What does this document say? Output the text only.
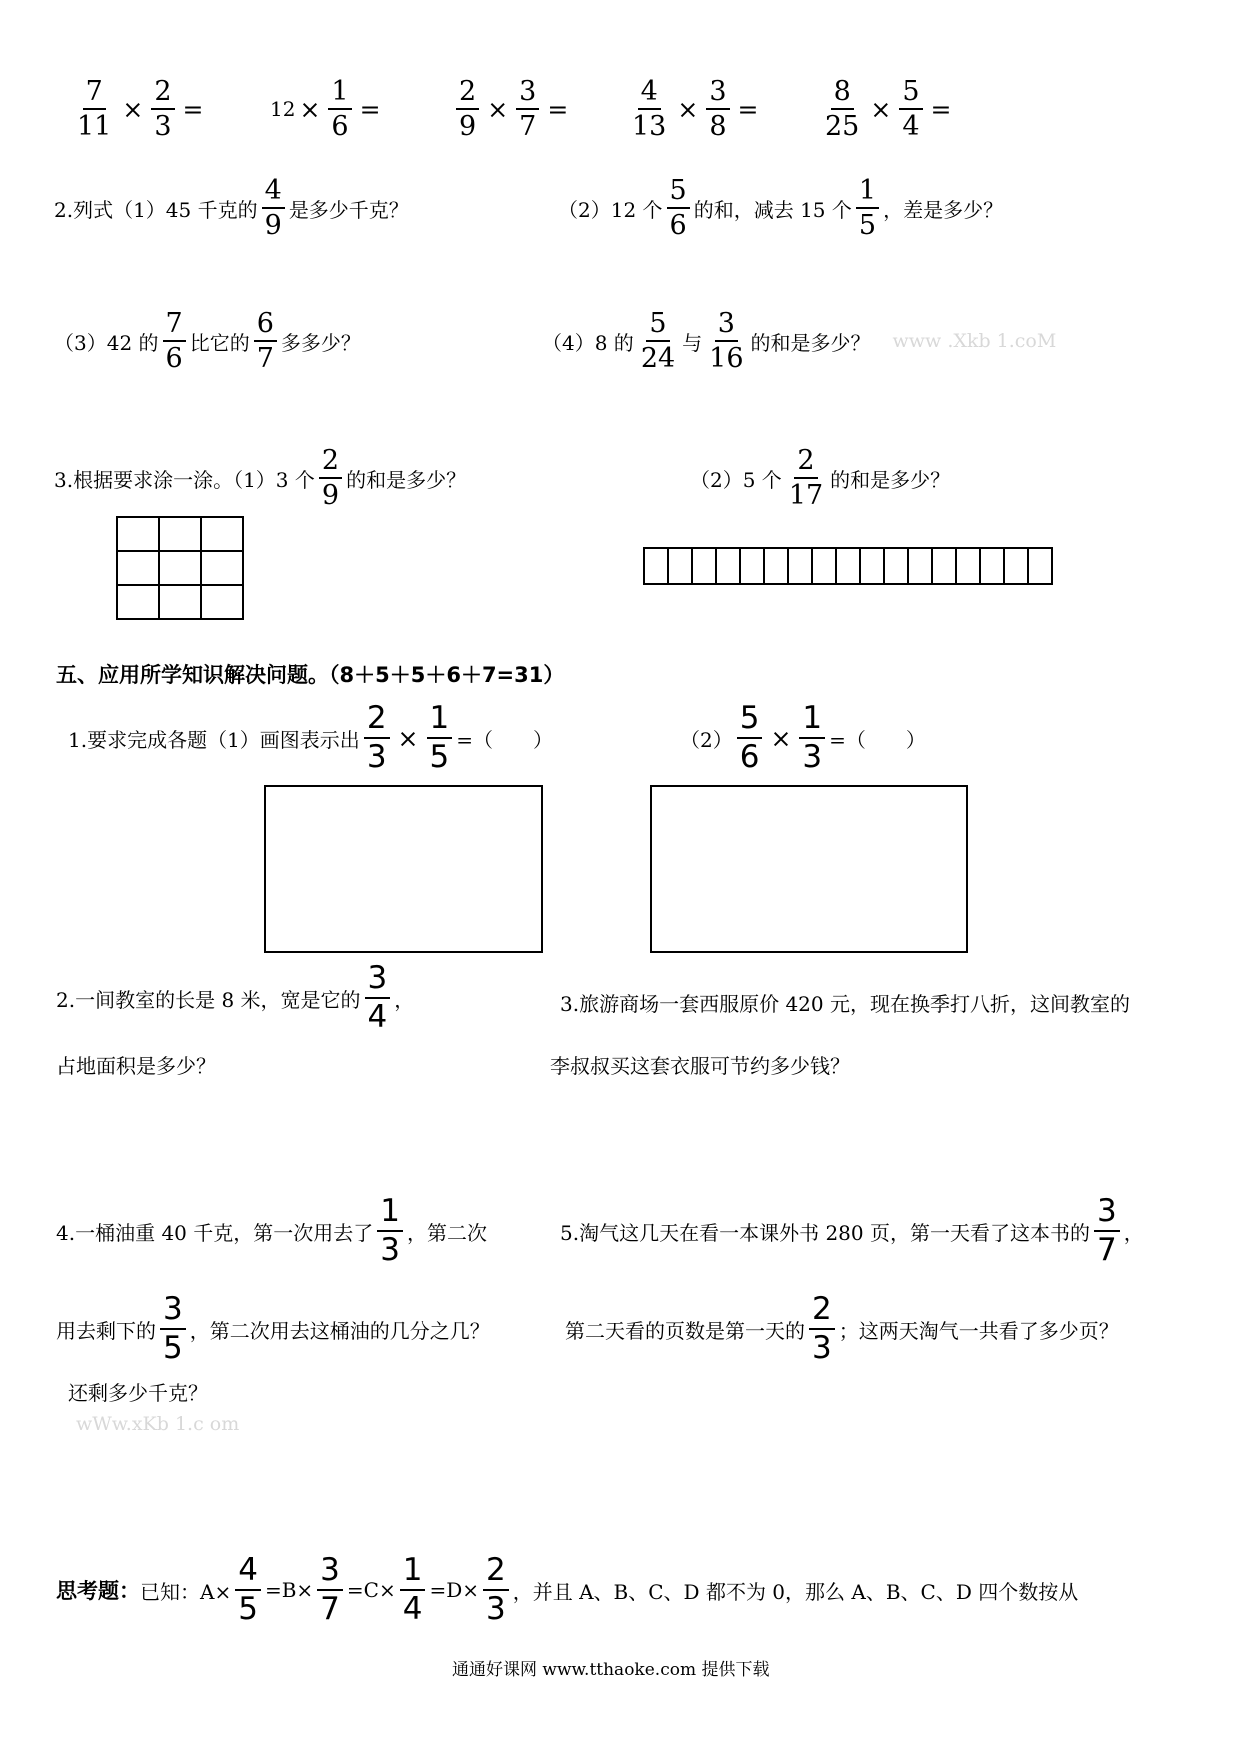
$\frac{7}{11} \times \frac{2}{3}$ =	$12 \times \frac{1}{6}$ =	$\frac{2}{9} \times \frac{3}{7} = \frac{4}{13} \times \frac{3}{8} = \frac{8}{25} \times \frac{5}{4}$ =
2.列式（1）45 千克的 $\frac{4}{9}$ 是多少千克？	（2）12 个 $\frac{5}{6}$ 的和，减去 15 个 $\frac{1}{5}$ ，差是多少？
（3）42 的 $\frac{7}{6}$ 比它的 $\frac{6}{7}$ 多多少？	（4）8 的 $\frac{5}{24}$ 与 $\frac{3}{16}$ 的和是多少？ www .Xkb 1.coM
3.根据要求涂一涂。（1）3 个 $\frac{2}{9}$ 的和是多少？	（2）5 个 $\frac{2}{17}$ 的和是多少？

五、应用所学知识解决问题。（8＋5＋5＋6＋7=31）
1.要求完成各题（1）画图表示出 $\frac{2}{3} \times \frac{1}{5}$ =（　　）	$(2) \frac{5}{6} \times \frac{1}{3}$ =（　　）
2.一间教室的长是 8 米，宽是它的 $\frac{3}{4}$ ，
占地面积是多少？
3.旅游商场一套西服原价 420 元，现在换季打八折，这间教室的
李叔叔买这套衣服可节约多少钱？
4.一桶油重 40 千克，第一次用去了 $\frac{1}{3}$ ，第二次
用去剩下的 $\frac{3}{5}$ ，第二次用去这桶油的几分之几？
还剩多少千克？
wWw.xKb 1.c om
5.淘气这几天在看一本课外书 280 页，第一天看了这本书的 $\frac{3}{7}$ ，
第二天看的页数是第一天的 $\frac{2}{3}$ ；这两天淘气一共看了多少页？
思考题： 已知：$A\times \frac{4}{5} =B\times \frac{3}{7} =C\times \frac{1}{4} =D\times \frac{2}{3}$ ，并且 A、B、C、D 都不为 0，那么 A、B、C、D 四个数按从
通通好课网 www.tthaoke.com 提供下载
